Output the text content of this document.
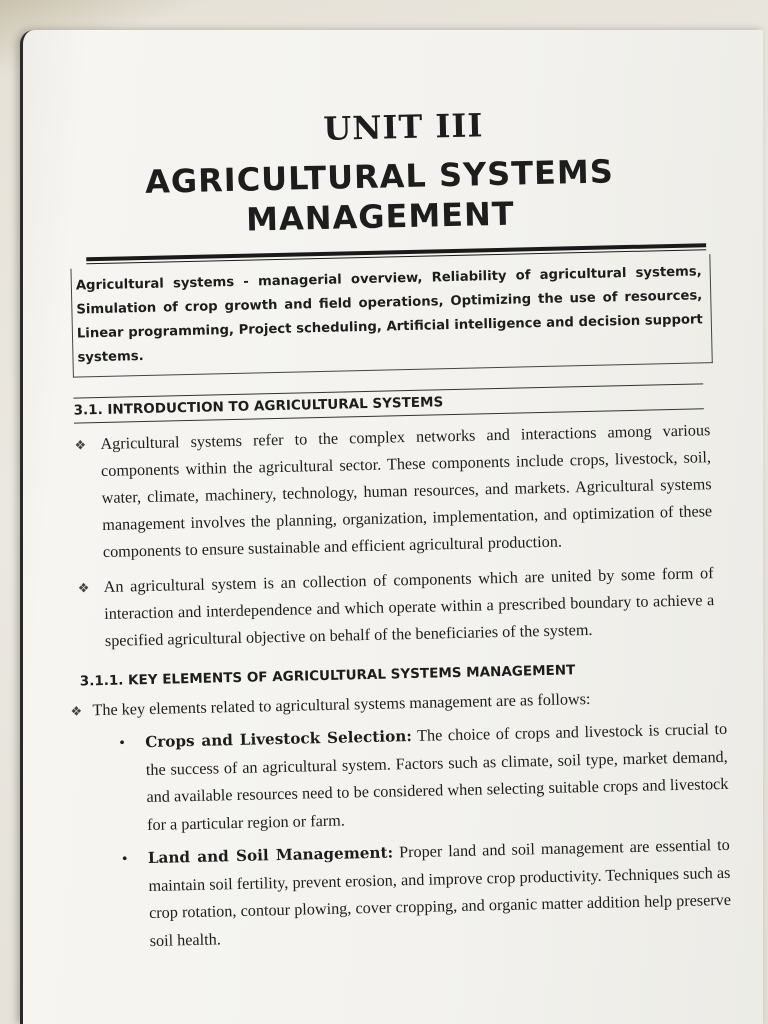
UNIT III
AGRICULTURAL SYSTEMS
MANAGEMENT
Agricultural systems - managerial overview, Reliability of agricultural systems, Simulation of crop growth and field operations, Optimizing the use of resources, Linear programming, Project scheduling, Artificial intelligence and decision support systems.
3.1. INTRODUCTION TO AGRICULTURAL SYSTEMS
❖ Agricultural systems refer to the complex networks and interactions among various components within the agricultural sector. These components include crops, livestock, soil, water, climate, machinery, technology, human resources, and markets. Agricultural systems management involves the planning, organization, implementation, and optimization of these components to ensure sustainable and efficient agricultural production.
❖ An agricultural system is an collection of components which are united by some form of interaction and interdependence and which operate within a prescribed boundary to achieve a specified agricultural objective on behalf of the beneficiaries of the system.
3.1.1. KEY ELEMENTS OF AGRICULTURAL SYSTEMS MANAGEMENT
❖ The key elements related to agricultural systems management are as follows:
• Crops and Livestock Selection: The choice of crops and livestock is crucial to the success of an agricultural system. Factors such as climate, soil type, market demand, and available resources need to be considered when selecting suitable crops and livestock for a particular region or farm.
• Land and Soil Management: Proper land and soil management are essential to maintain soil fertility, prevent erosion, and improve crop productivity. Techniques such as crop rotation, contour plowing, cover cropping, and organic matter addition help preserve soil health.
